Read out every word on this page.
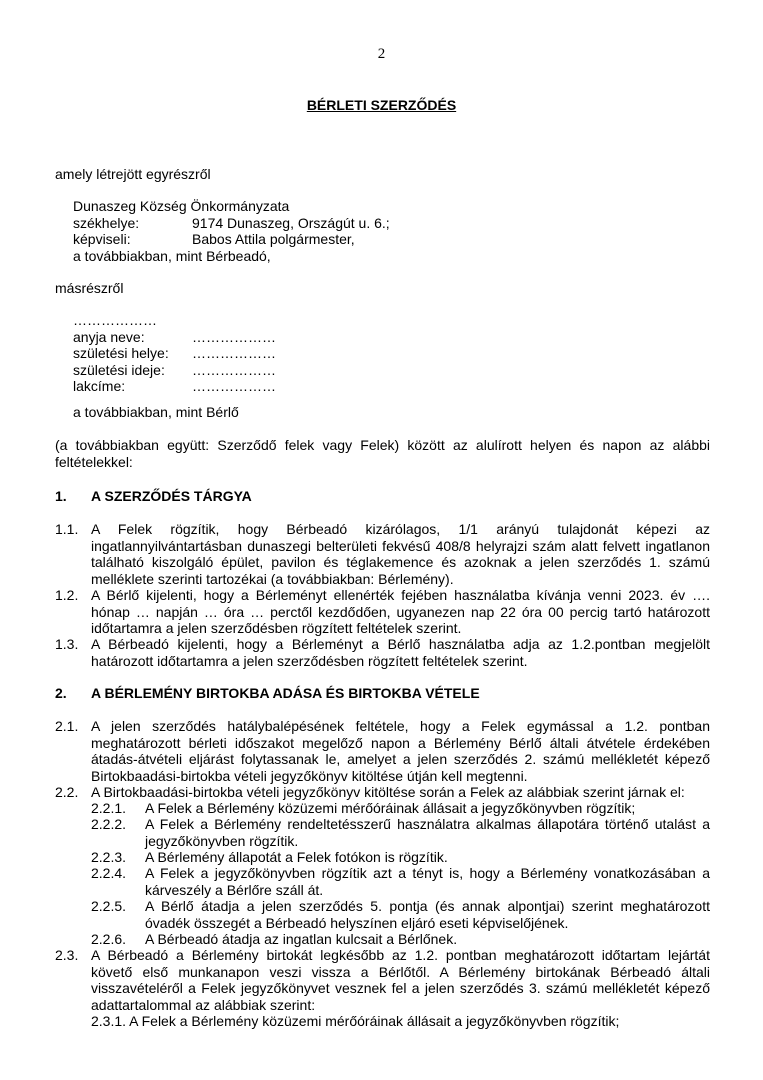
2
BÉRLETI SZERZŐDÉS
amely létrejött egyrészről
Dunaszeg Község Önkormányzata
székhelye:	9174 Dunaszeg, Országút u. 6.;
képviseli:	Babos Attila polgármester,
a továbbiakban, mint Bérbeadó,
másrészről
………………
anyja neve:	………………
születési helye:	………………
születési ideje:	………………
lakcíme:	………………
a továbbiakban, mint Bérlő
(a továbbiakban együtt: Szerződő felek vagy Felek) között az alulírott helyen és napon az alábbi
feltételekkel:
1. A SZERZŐDÉS TÁRGYA
1.1. A Felek rögzítik, hogy Bérbeadó kizárólagos, 1/1 arányú tulajdonát képezi az ingatlannyilvántartásban dunaszegi belterületi fekvésű 408/8 helyrajzi szám alatt felvett ingatlanon található kiszolgáló épület, pavilon és téglakemence és azoknak a jelen szerződés 1. számú melléklete szerinti tartozékai (a továbbiakban: Bérlemény).
1.2. A Bérlő kijelenti, hogy a Bérleményt ellenérték fejében használatba kívánja venni 2023. év …. hónap … napján … óra … perctől kezdődően, ugyanezen nap 22 óra 00 percig tartó határozott időtartamra a jelen szerződésben rögzített feltételek szerint.
1.3. A Bérbeadó kijelenti, hogy a Bérleményt a Bérlő használatba adja az 1.2.pontban megjelölt határozott időtartamra a jelen szerződésben rögzített feltételek szerint.
2. A BÉRLEMÉNY BIRTOKBA ADÁSA ÉS BIRTOKBA VÉTELE
2.1. A jelen szerződés hatálybalépésének feltétele, hogy a Felek egymással a 1.2. pontban meghatározott bérleti időszakot megelőző napon a Bérlemény Bérlő általi átvétele érdekében átadás-átvételi eljárást folytassanak le, amelyet a jelen szerződés 2. számú mellékletét képező Birtokbaadási-birtokba vételi jegyzőkönyv kitöltése útján kell megtenni.
2.2. A Birtokbaadási-birtokba vételi jegyzőkönyv kitöltése során a Felek az alábbiak szerint járnak el:
2.2.1. A Felek a Bérlemény közüzemi mérőóráinak állásait a jegyzőkönyvben rögzítik;
2.2.2. A Felek a Bérlemény rendeltetésszerű használatra alkalmas állapotára történő utalást a jegyzőkönyvben rögzítik.
2.2.3. A Bérlemény állapotát a Felek fotókon is rögzítik.
2.2.4. A Felek a jegyzőkönyvben rögzítik azt a tényt is, hogy a Bérlemény vonatkozásában a kárveszély a Bérlőre száll át.
2.2.5. A Bérlő átadja a jelen szerződés 5. pontja (és annak alpontjai) szerint meghatározott óvadék összegét a Bérbeadó helyszínen eljáró eseti képviselőjének.
2.2.6. A Bérbeadó átadja az ingatlan kulcsait a Bérlőnek.
2.3. A Bérbeadó a Bérlemény birtokát legkésőbb az 1.2. pontban meghatározott időtartam lejártát követő első munkanapon veszi vissza a Bérlőtől. A Bérlemény birtokának Bérbeadó általi visszavételéről a Felek jegyzőkönyvet vesznek fel a jelen szerződés 3. számú mellékletét képező adattartalommal az alábbiak szerint:
2.3.1. A Felek a Bérlemény közüzemi mérőóráinak állásait a jegyzőkönyvben rögzítik;
